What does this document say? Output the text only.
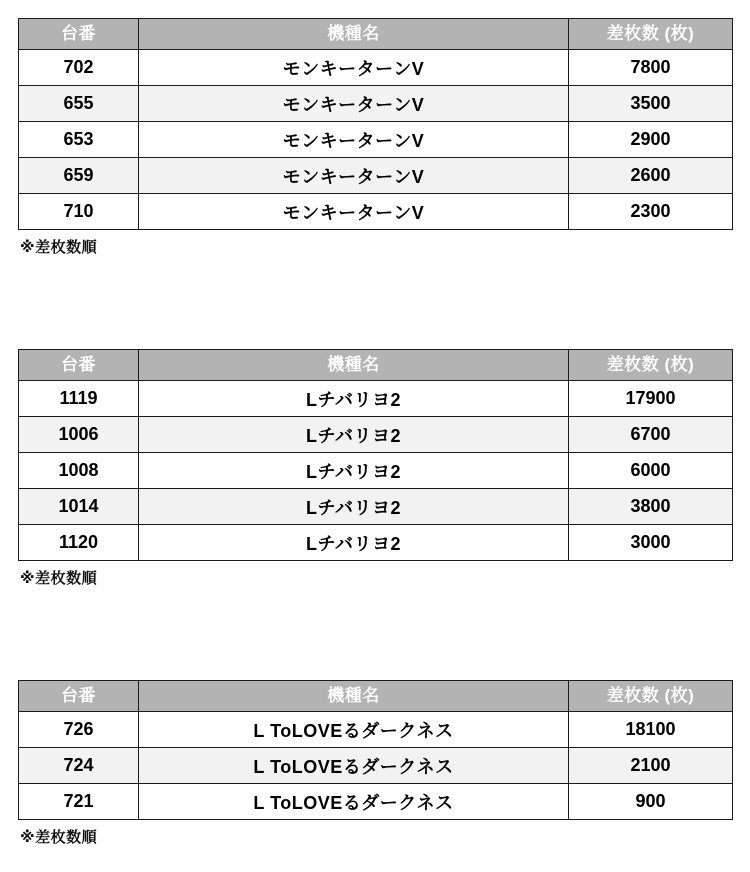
台番	機種名	差枚数 (枚)
702	モンキーターンV	7800
655	モンキーターンV	3500
653	モンキーターンV	2900
659	モンキーターンV	2600
710	モンキーターンV	2300
※差枚数順
台番	機種名	差枚数 (枚)
1119	Lチバリヨ2	17900
1006	Lチバリヨ2	6700
1008	Lチバリヨ2	6000
1014	Lチバリヨ2	3800
1120	Lチバリヨ2	3000
※差枚数順
台番	機種名	差枚数 (枚)
726	L ToLOVEるダークネス	18100
724	L ToLOVEるダークネス	2100
721	L ToLOVEるダークネス	900
※差枚数順
